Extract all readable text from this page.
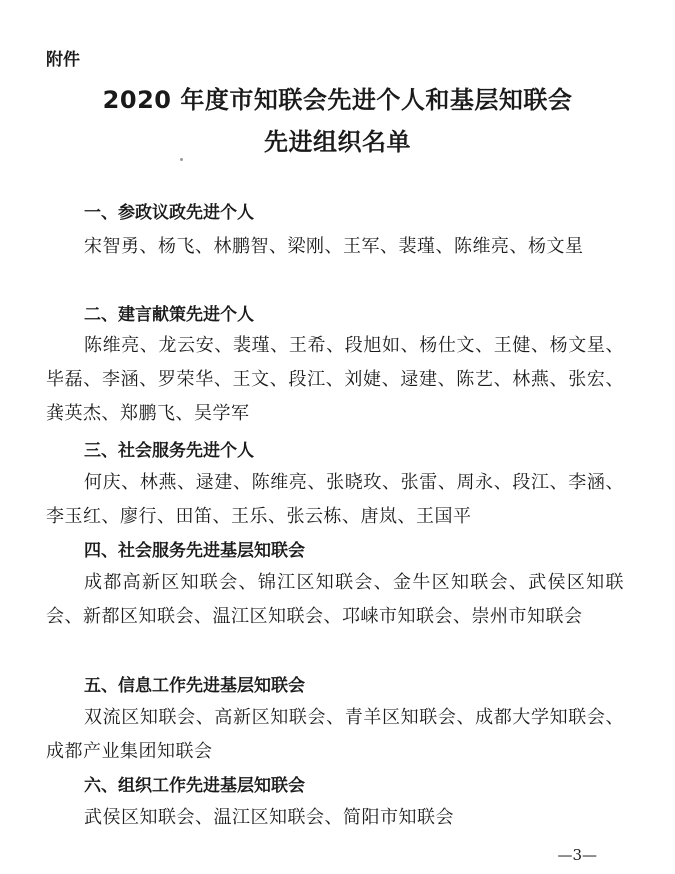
附件
2020 年度市知联会先进个人和基层知联会
先进组织名单
一、参政议政先进个人
宋智勇、杨飞、林鹏智、梁刚、王军、裴瑾、陈维亮、杨文星
二、建言献策先进个人
陈维亮、龙云安、裴瑾、王希、段旭如、杨仕文、王健、杨文星、毕磊、李涵、罗荣华、王文、段江、刘婕、逯建、陈艺、林燕、张宏、龚英杰、郑鹏飞、吴学军
三、社会服务先进个人
何庆、林燕、逯建、陈维亮、张晓玫、张雷、周永、段江、李涵、李玉红、廖行、田笛、王乐、张云栋、唐岚、王国平
四、社会服务先进基层知联会
成都高新区知联会、锦江区知联会、金牛区知联会、武侯区知联会、新都区知联会、温江区知联会、邛崃市知联会、崇州市知联会
五、信息工作先进基层知联会
双流区知联会、高新区知联会、青羊区知联会、成都大学知联会、成都产业集团知联会
六、组织工作先进基层知联会
武侯区知联会、温江区知联会、简阳市知联会
—3—
